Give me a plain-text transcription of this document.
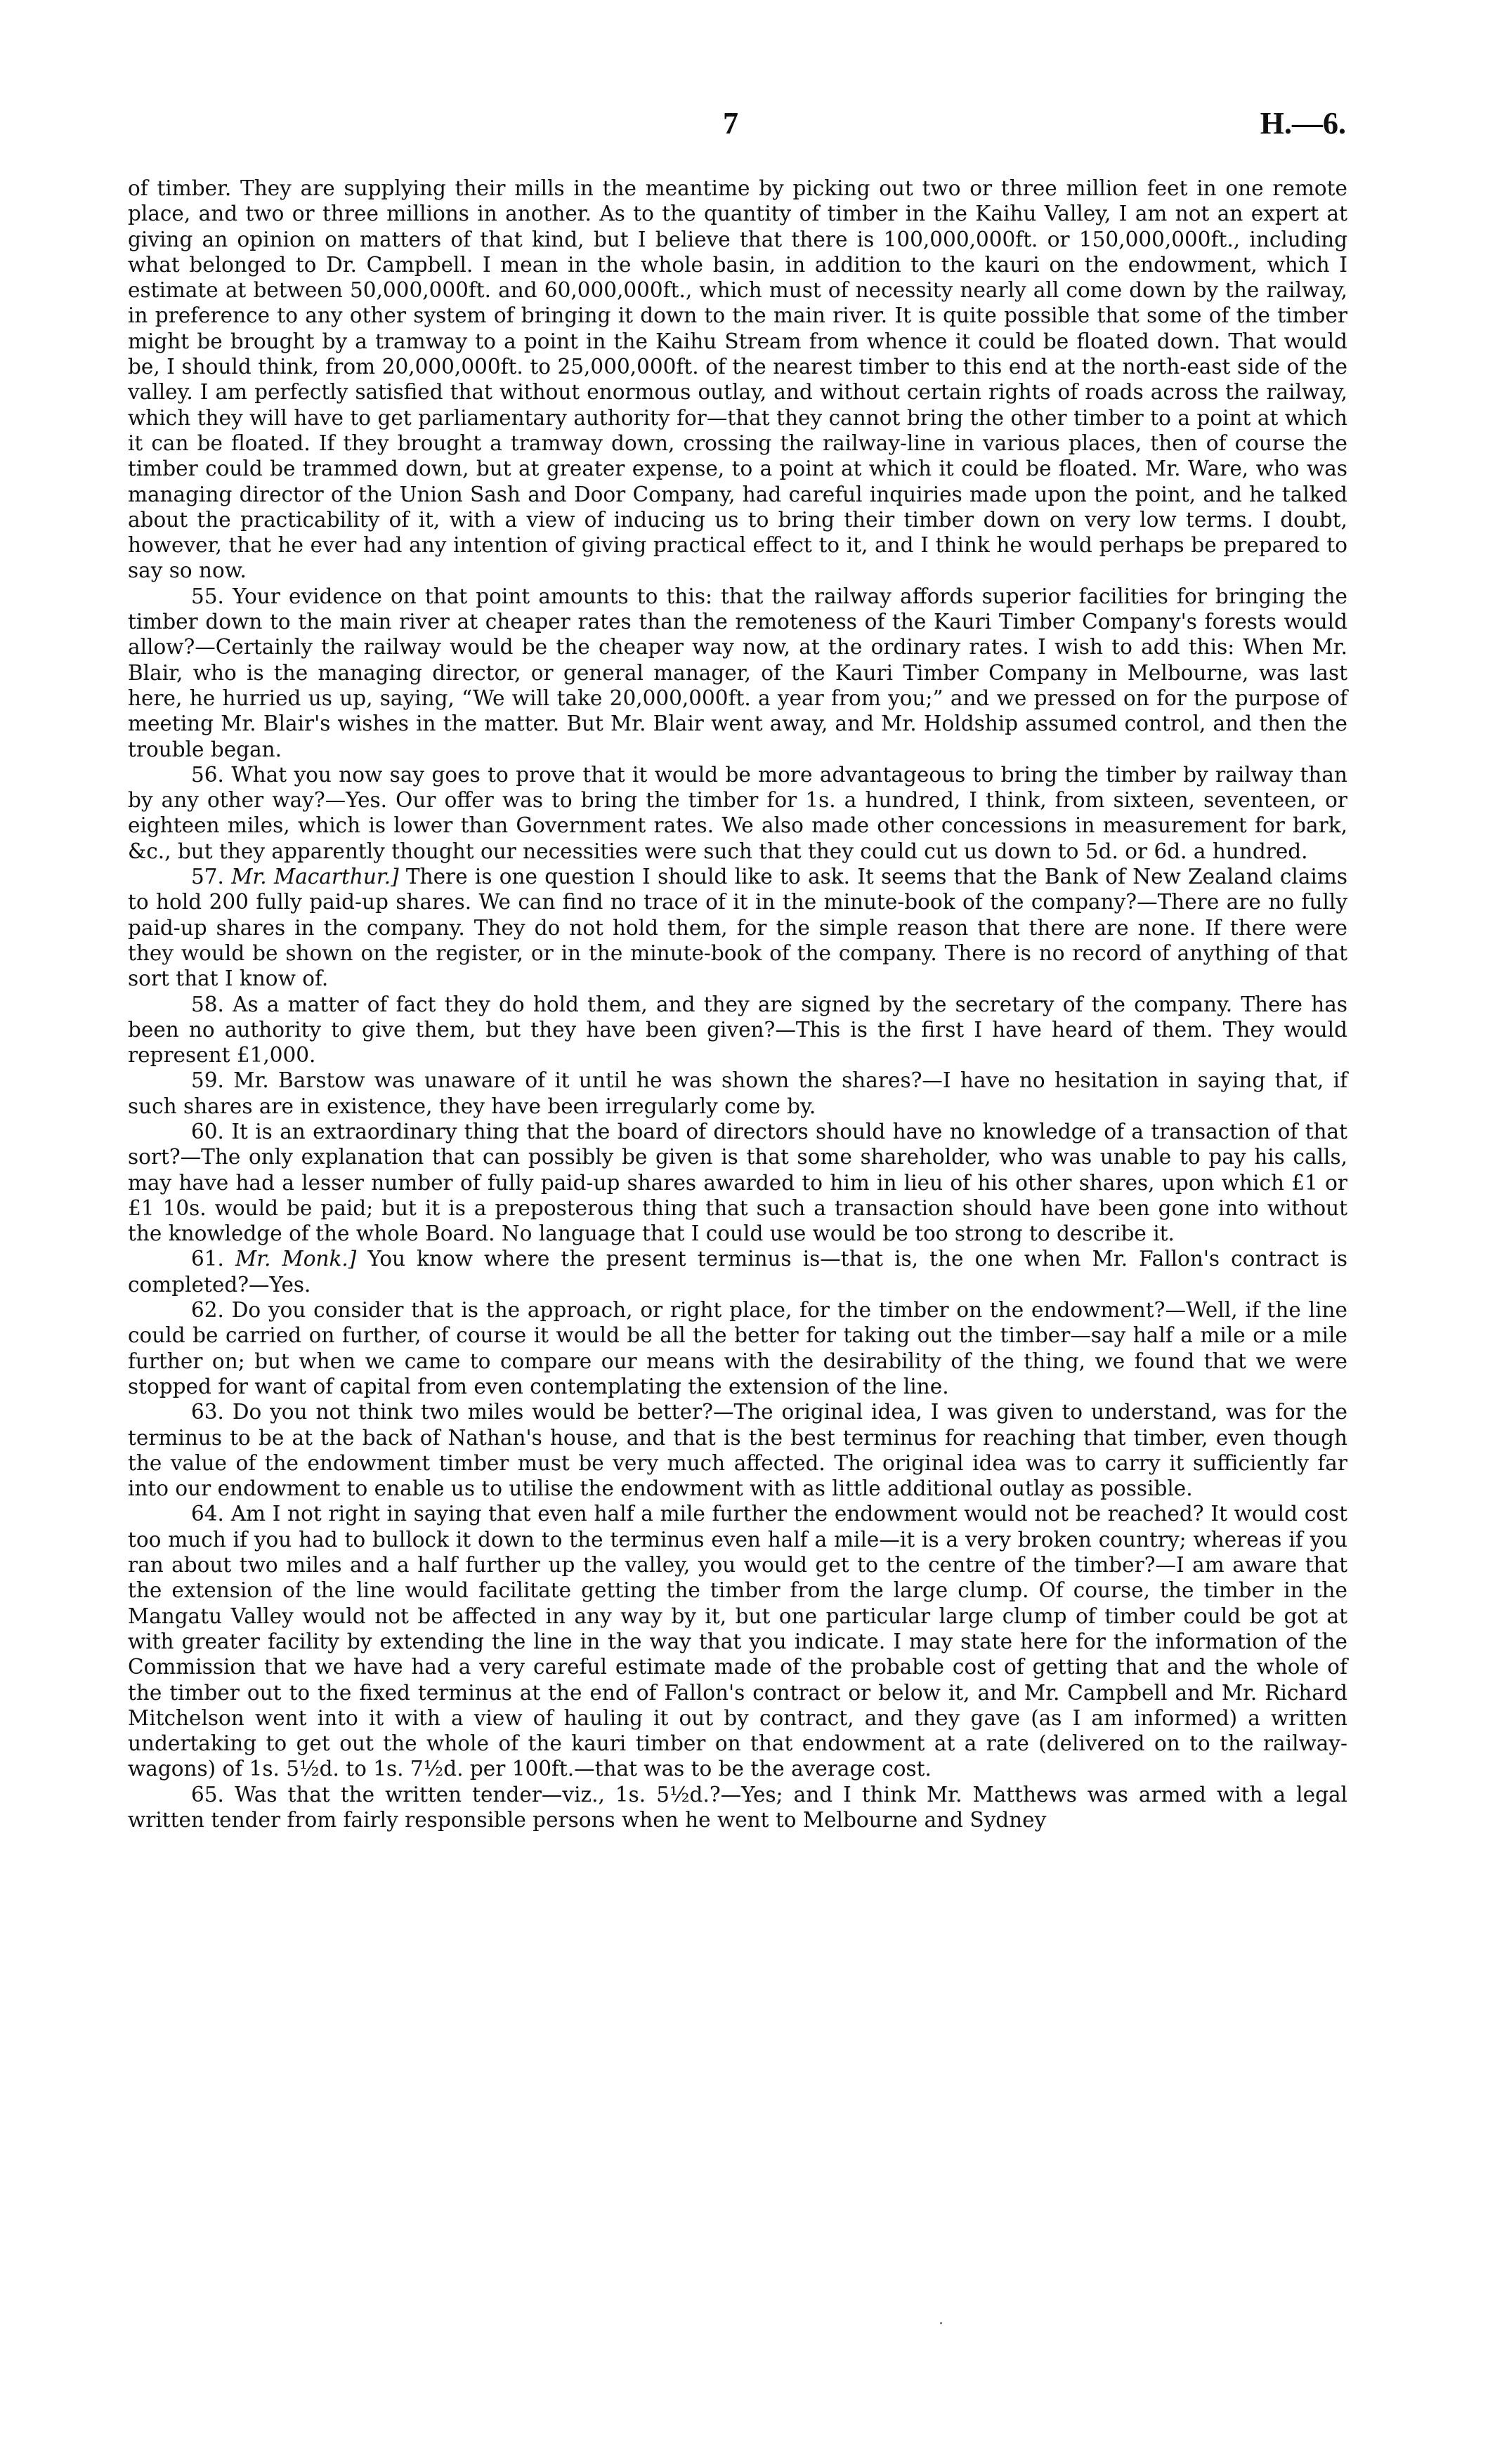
7	H.—6.

of timber. They are supplying their mills in the meantime by picking out two or three million feet in one remote place, and two or three millions in another. As to the quantity of timber in the Kaihu Valley, I am not an expert at giving an opinion on matters of that kind, but I believe that there is 100,000,000ft. or 150,000,000ft., including what belonged to Dr. Campbell. I mean in the whole basin, in addition to the kauri on the endowment, which I estimate at between 50,000,000ft. and 60,000,000ft., which must of necessity nearly all come down by the railway, in preference to any other system of bringing it down to the main river. It is quite possible that some of the timber might be brought by a tramway to a point in the Kaihu Stream from whence it could be floated down. That would be, I should think, from 20,000,000ft. to 25,000,000ft. of the nearest timber to this end at the north-east side of the valley. I am perfectly satisfied that without enormous outlay, and without certain rights of roads across the railway, which they will have to get parliamentary authority for—that they cannot bring the other timber to a point at which it can be floated. If they brought a tramway down, crossing the railway-line in various places, then of course the timber could be trammed down, but at greater expense, to a point at which it could be floated. Mr. Ware, who was managing director of the Union Sash and Door Company, had careful inquiries made upon the point, and he talked about the practicability of it, with a view of inducing us to bring their timber down on very low terms. I doubt, however, that he ever had any intention of giving practical effect to it, and I think he would perhaps be prepared to say so now.

55. Your evidence on that point amounts to this: that the railway affords superior facilities for bringing the timber down to the main river at cheaper rates than the remoteness of the Kauri Timber Company's forests would allow?—Certainly the railway would be the cheaper way now, at the ordinary rates. I wish to add this: When Mr. Blair, who is the managing director, or general manager, of the Kauri Timber Company in Melbourne, was last here, he hurried us up, saying, “We will take 20,000,000ft. a year from you;” and we pressed on for the purpose of meeting Mr. Blair's wishes in the matter. But Mr. Blair went away, and Mr. Holdship assumed control, and then the trouble began.

56. What you now say goes to prove that it would be more advantageous to bring the timber by railway than by any other way?—Yes. Our offer was to bring the timber for 1s. a hundred, I think, from sixteen, seventeen, or eighteen miles, which is lower than Government rates. We also made other concessions in measurement for bark, &c., but they apparently thought our necessities were such that they could cut us down to 5d. or 6d. a hundred.

57. Mr. Macarthur.] There is one question I should like to ask. It seems that the Bank of New Zealand claims to hold 200 fully paid-up shares. We can find no trace of it in the minute-book of the company?—There are no fully paid-up shares in the company. They do not hold them, for the simple reason that there are none. If there were they would be shown on the register, or in the minute-book of the company. There is no record of anything of that sort that I know of.

58. As a matter of fact they do hold them, and they are signed by the secretary of the company. There has been no authority to give them, but they have been given?—This is the first I have heard of them. They would represent £1,000.

59. Mr. Barstow was unaware of it until he was shown the shares?—I have no hesitation in saying that, if such shares are in existence, they have been irregularly come by.

60. It is an extraordinary thing that the board of directors should have no knowledge of a transaction of that sort?—The only explanation that can possibly be given is that some shareholder, who was unable to pay his calls, may have had a lesser number of fully paid-up shares awarded to him in lieu of his other shares, upon which £1 or £1 10s. would be paid; but it is a preposterous thing that such a transaction should have been gone into without the knowledge of the whole Board. No language that I could use would be too strong to describe it.

61. Mr. Monk.] You know where the present terminus is—that is, the one when Mr. Fallon's contract is completed?—Yes.

62. Do you consider that is the approach, or right place, for the timber on the endowment?—Well, if the line could be carried on further, of course it would be all the better for taking out the timber—say half a mile or a mile further on; but when we came to compare our means with the desirability of the thing, we found that we were stopped for want of capital from even contemplating the extension of the line.

63. Do you not think two miles would be better?—The original idea, I was given to understand, was for the terminus to be at the back of Nathan's house, and that is the best terminus for reaching that timber, even though the value of the endowment timber must be very much affected. The original idea was to carry it sufficiently far into our endowment to enable us to utilise the endowment with as little additional outlay as possible.

64. Am I not right in saying that even half a mile further the endowment would not be reached? It would cost too much if you had to bullock it down to the terminus even half a mile—it is a very broken country; whereas if you ran about two miles and a half further up the valley, you would get to the centre of the timber?—I am aware that the extension of the line would facilitate getting the timber from the large clump. Of course, the timber in the Mangatu Valley would not be affected in any way by it, but one particular large clump of timber could be got at with greater facility by extending the line in the way that you indicate. I may state here for the information of the Commission that we have had a very careful estimate made of the probable cost of getting that and the whole of the timber out to the fixed terminus at the end of Fallon's contract or below it, and Mr. Campbell and Mr. Richard Mitchelson went into it with a view of hauling it out by contract, and they gave (as I am informed) a written undertaking to get out the whole of the kauri timber on that endowment at a rate (delivered on to the railway-wagons) of 1s. 5½d. to 1s. 7½d. per 100ft.—that was to be the average cost.

65. Was that the written tender—viz., 1s. 5½d.?—Yes; and I think Mr. Matthews was armed with a legal written tender from fairly responsible persons when he went to Melbourne and Sydney
